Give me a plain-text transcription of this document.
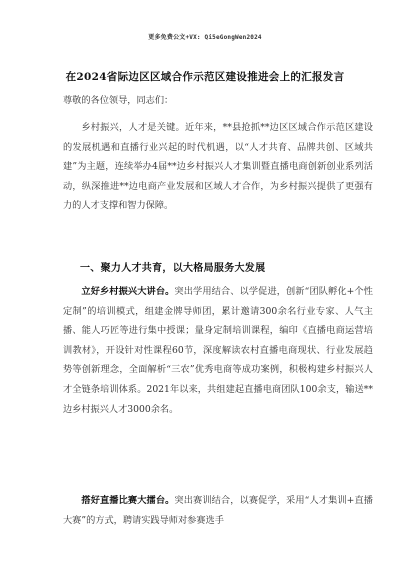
更多免费公文+VX: Qi5eGongWen2024
在2024省际边区区域合作示范区建设推进会上的汇报发言

尊敬的各位领导，同志们：

乡村振兴，人才是关键。近年来，**县抢抓**边区区域合作示范区建设的发展机遇和直播行业兴起的时代机遇，以“人才共育、品牌共创、区域共建”为主题，连续举办4届**边乡村振兴人才集训暨直播电商创新创业系列活动，纵深推进**边电商产业发展和区域人才合作，为乡村振兴提供了更强有力的人才支撑和智力保障。

一、聚力人才共育，以大格局服务大发展

立好乡村振兴大讲台。突出学用结合、以学促进，创新“团队孵化+个性定制”的培训模式，组建金牌导师团，累计邀请300余名行业专家、人气主播、能人巧匠等进行集中授课；量身定制培训课程，编印《直播电商运营培训教材》，开设针对性课程60节，深度解读农村直播电商现状、行业发展趋势等创新理念，全面解析“三农”优秀电商等成功案例，积极构建乡村振兴人才全链条培训体系。2021年以来，共组建起直播电商团队100余支，输送**边乡村振兴人才3000余名。

搭好直播比赛大擂台。突出赛训结合，以赛促学，采用“人才集训+直播大赛”的方式，聘请实践导师对参赛选手
